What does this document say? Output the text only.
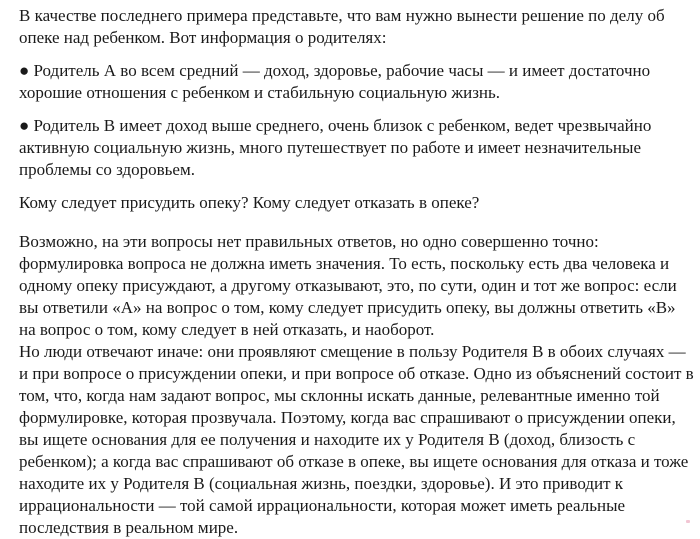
В качестве последнего примера представьте, что вам нужно вынести решение по делу об опеке над ребенком. Вот информация о родителях:

● Родитель А во всем средний — доход, здоровье, рабочие часы — и имеет достаточно хорошие отношения с ребенком и стабильную социальную жизнь.

● Родитель В имеет доход выше среднего, очень близок с ребенком, ведет чрезвычайно активную социальную жизнь, много путешествует по работе и имеет незначительные проблемы со здоровьем.

Кому следует присудить опеку? Кому следует отказать в опеке?

Возможно, на эти вопросы нет правильных ответов, но одно совершенно точно: формулировка вопроса не должна иметь значения. То есть, поскольку есть два человека и одному опеку присуждают, а другому отказывают, это, по сути, один и тот же вопрос: если вы ответили «А» на вопрос о том, кому следует присудить опеку, вы должны ответить «В» на вопрос о том, кому следует в ней отказать, и наоборот.

Но люди отвечают иначе: они проявляют смещение в пользу Родителя В в обоих случаях — и при вопросе о присуждении опеки, и при вопросе об отказе. Одно из объяснений состоит в том, что, когда нам задают вопрос, мы склонны искать данные, релевантные именно той формулировке, которая прозвучала. Поэтому, когда вас спрашивают о присуждении опеки, вы ищете основания для ее получения и находите их у Родителя В (доход, близость с ребенком); а когда вас спрашивают об отказе в опеке, вы ищете основания для отказа и тоже находите их у Родителя В (социальная жизнь, поездки, здоровье). И это приводит к иррациональности — той самой иррациональности, которая может иметь реальные последствия в реальном мире.
